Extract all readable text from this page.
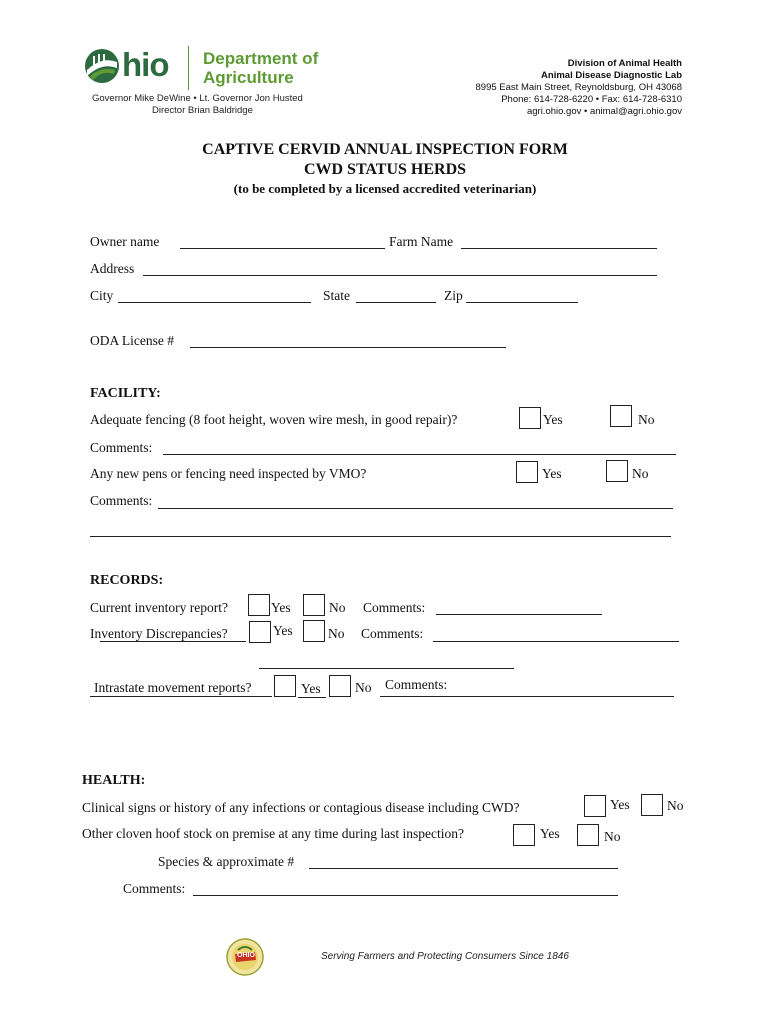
hio Department of
Agriculture
Governor Mike DeWine • Lt. Governor Jon Husted
Director Brian Baldridge
Division of Animal Health
Animal Disease Diagnostic Lab
8995 East Main Street, Reynoldsburg, OH 43068
Phone: 614-728-6220 • Fax: 614-728-6310
agri.ohio.gov • animal@agri.ohio.gov
CAPTIVE CERVID ANNUAL INSPECTION FORM
CWD STATUS HERDS
(to be completed by a licensed accredited veterinarian)
Owner name	Farm Name
Address
City	State	Zip
ODA License #
FACILITY:
Adequate fencing (8 foot height, woven wire mesh, in good repair)?	Yes	No
Comments:
Any new pens or fencing need inspected by VMO?	Yes	No
Comments:
RECORDS:
Current inventory report?	Yes	No Comments:
Inventory Discrepancies?	Yes	No Comments:
Intrastate movement reports?	Yes	No Comments:
HEALTH:
Clinical signs or history of any infections or contagious disease including CWD?	Yes	No
Other cloven hoof stock on premise at any time during last inspection?	Yes	No
Species & approximate #
Comments:
OHIO	Serving Farmers and Protecting Consumers Since 1846
